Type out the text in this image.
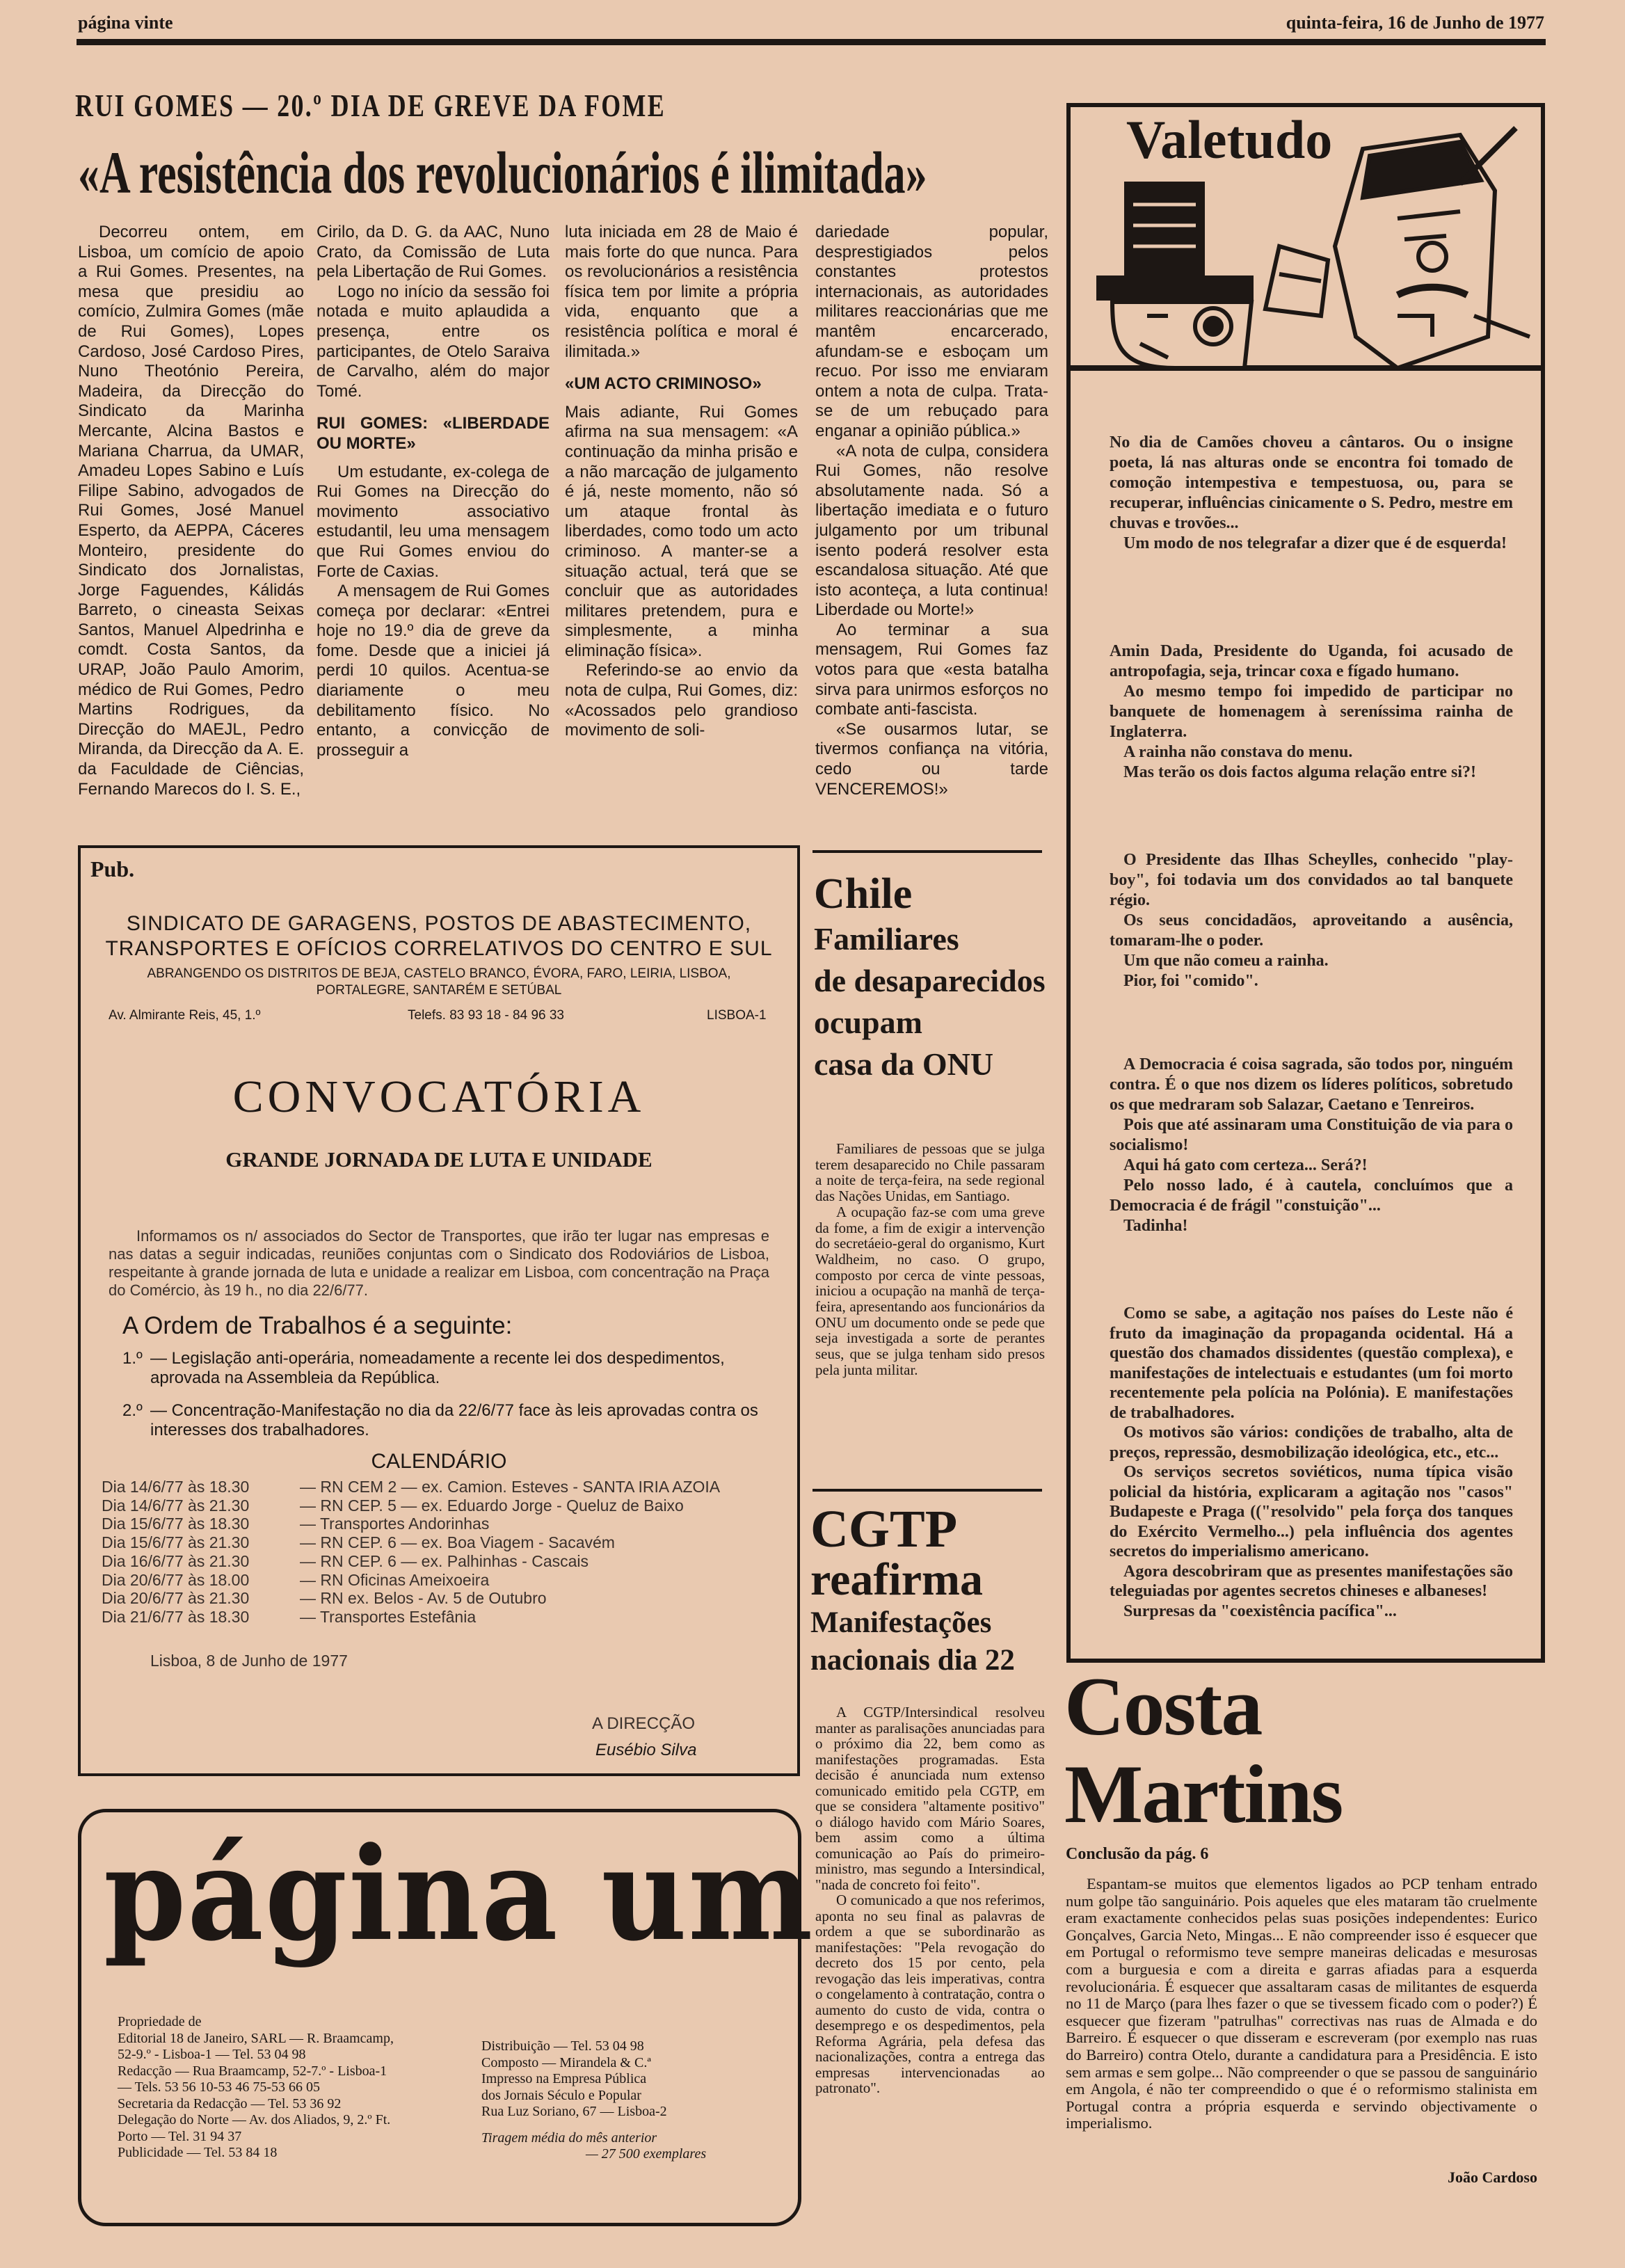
página vinte	quinta-feira, 16 de Junho de 1977
RUI GOMES — 20.º DIA DE GREVE DA FOME
«A resistência dos revolucionários é ilimitada»

Decorreu ontem, em Lisboa, um comício de apoio a Rui Gomes. Presentes, na mesa que presidiu ao comício, Zulmira Gomes (mãe de Rui Gomes), Lopes Cardoso, José Cardoso Pires, Nuno Theotónio Pereira, Madeira, da Direcção do Sindicato da Marinha Mercante, Alcina Bastos e Mariana Charrua, da UMAR, Amadeu Lopes Sabino e Luís Filipe Sabino, advogados de Rui Gomes, José Manuel Esperto, da AEPPA, Cáceres Monteiro, presidente do Sindicato dos Jornalistas, Jorge Faguendes, Kálidás Barreto, o cineasta Seixas Santos, Manuel Alpedrinha e comdt. Costa Santos, da URAP, João Paulo Amorim, médico de Rui Gomes, Pedro Martins Rodrigues, da Direcção do MAEJL, Pedro Miranda, da Direcção da A. E. da Faculdade de Ciências, Fernando Marecos do I. S. E.,

Cirilo, da D. G. da AAC, Nuno Crato, da Comissão de Luta pela Libertação de Rui Gomes.

Logo no início da sessão foi notada e muito aplaudida a presença, entre os participantes, de Otelo Saraiva de Carvalho, além do major Tomé.

RUI GOMES: «LIBERDADE OU MORTE»

Um estudante, ex-colega de Rui Gomes na Direcção do movimento associativo estudantil, leu uma mensagem que Rui Gomes enviou do Forte de Caxias.

A mensagem de Rui Gomes começa por declarar: «Entrei hoje no 19.º dia de greve da fome. Desde que a iniciei já perdi 10 quilos. Acentua-se diariamente o meu debilitamento físico. No entanto, a convicção de prosseguir a

luta iniciada em 28 de Maio é mais forte do que nunca. Para os revolucionários a resistência física tem por limite a própria vida, enquanto que a resistência política e moral é ilimitada.»

«UM ACTO CRIMINOSO»

Mais adiante, Rui Gomes afirma na sua mensagem: «A continuação da minha prisão e a não marcação de julgamento é já, neste momento, não só um ataque frontal às liberdades, como todo um acto criminoso. A manter-se a situação actual, terá que se concluir que as autoridades militares pretendem, pura e simplesmente, a minha eliminação física».

Referindo-se ao envio da nota de culpa, Rui Gomes, diz: «Acossados pelo grandioso movimento de soli-

dariedade popular, desprestigiados pelos constantes protestos internacionais, as autoridades militares reaccionárias que me mantêm encarcerado, afundam-se e esboçam um recuo. Por isso me enviaram ontem a nota de culpa. Trata-se de um rebuçado para enganar a opinião pública.»

«A nota de culpa, considera Rui Gomes, não resolve absolutamente nada. Só a libertação imediata e o futuro julgamento por um tribunal isento poderá resolver esta escandalosa situação. Até que isto aconteça, a luta continua! Liberdade ou Morte!»

Ao terminar a sua mensagem, Rui Gomes faz votos para que «esta batalha sirva para unirmos esforços no combate anti-fascista.

«Se ousarmos lutar, se tivermos confiança na vitória, cedo ou tarde VENCEREMOS!»

Pub.
SINDICATO DE GARAGENS, POSTOS DE ABASTECIMENTO,
TRANSPORTES E OFÍCIOS CORRELATIVOS DO CENTRO E SUL
ABRANGENDO OS DISTRITOS DE BEJA, CASTELO BRANCO, ÉVORA, FARO, LEIRIA, LISBOA,
PORTALEGRE, SANTARÉM E SETÚBAL
Av. Almirante Reis, 45, 1.º	Telefs. 83 93 18 - 84 96 33	LISBOA-1
CONVOCATÓRIA
GRANDE JORNADA DE LUTA E UNIDADE
Informamos os n/ associados do Sector de Transportes, que irão ter lugar nas empresas e nas datas a seguir indicadas, reuniões conjuntas com o Sindicato dos Rodoviários de Lisboa, respeitante à grande jornada de luta e unidade a realizar em Lisboa, com concentração na Praça do Comércio, às 19 h., no dia 22/6/77.
A Ordem de Trabalhos é a seguinte:
1.º — Legislação anti-operária, nomeadamente a recente lei dos despedimentos, aprovada na Assembleia da República.
2.º — Concentração-Manifestação no dia da 22/6/77 face às leis aprovadas contra os interesses dos trabalhadores.
CALENDÁRIO
Dia 14/6/77 às 18.30	— RN CEM 2 — ex. Camion. Esteves - SANTA IRIA AZOIA
Dia 14/6/77 às 21.30	— RN CEP. 5 — ex. Eduardo Jorge - Queluz de Baixo
Dia 15/6/77 às 18.30	— Transportes Andorinhas
Dia 15/6/77 às 21.30	— RN CEP. 6 — ex. Boa Viagem - Sacavém
Dia 16/6/77 às 21.30	— RN CEP. 6 — ex. Palhinhas - Cascais
Dia 20/6/77 às 18.00	— RN Oficinas Ameixoeira
Dia 20/6/77 às 21.30	— RN ex. Belos - Av. 5 de Outubro
Dia 21/6/77 às 18.30	— Transportes Estefânia
Lisboa, 8 de Junho de 1977
A DIRECÇÃO
Eusébio Silva
página um
Propriedade de
Editorial 18 de Janeiro, SARL — R. Braamcamp,
52-9.º - Lisboa-1 — Tel. 53 04 98
Redacção — Rua Braamcamp, 52-7.º - Lisboa-1
— Tels. 53 56 10-53 46 75-53 66 05
Secretaria da Redacção — Tel. 53 36 92
Delegação do Norte — Av. dos Aliados, 9, 2.º Ft.
Porto — Tel. 31 94 37
Publicidade — Tel. 53 84 18
Distribuição — Tel. 53 04 98
Composto — Mirandela & C.ª
Impresso na Empresa Pública
dos Jornais Século e Popular
Rua Luz Soriano, 67 — Lisboa-2
Tiragem média do mês anterior
— 27 500 exemplares
Chile
Familiares
de desaparecidos
ocupam
casa da ONU

Familiares de pessoas que se julga terem desaparecido no Chile passaram a noite de terça-feira, na sede regional das Nações Unidas, em Santiago.

A ocupação faz-se com uma greve da fome, a fim de exigir a intervenção do secretáeio-geral do organismo, Kurt Waldheim, no caso. O grupo, composto por cerca de vinte pessoas, iniciou a ocupação na manhã de terça-feira, apresentando aos funcionários da ONU um documento onde se pede que seja investigada a sorte de perantes seus, que se julga tenham sido presos pela junta militar.

CGTP
reafirma
Manifestações
nacionais dia 22

A CGTP/Intersindical resolveu manter as paralisações anunciadas para o próximo dia 22, bem como as manifestações programadas. Esta decisão é anunciada num extenso comunicado emitido pela CGTP, em que se considera "altamente positivo" o diálogo havido com Mário Soares, bem assim como a última comunicação ao País do primeiro-ministro, mas segundo a Intersindical, "nada de concreto foi feito".

O comunicado a que nos referimos, aponta no seu final as palavras de ordem a que se subordinarão as manifestações: "Pela revogação do decreto dos 15 por cento, pela revogação das leis imperativas, contra o congelamento à contratação, contra o aumento do custo de vida, contra o desemprego e os despedimentos, pela Reforma Agrária, pela defesa das nacionalizações, contra a entrega das empresas intervencionadas ao patronato".

Valetudo

No dia de Camões choveu a cântaros. Ou o insigne poeta, lá nas alturas onde se encontra foi tomado de comoção intempestiva e tempestuosa, ou, para se recuperar, influências cinicamente o S. Pedro, mestre em chuvas e trovões...

Um modo de nos telegrafar a dizer que é de esquerda!

Amin Dada, Presidente do Uganda, foi acusado de antropofagia, seja, trincar coxa e fígado humano.

Ao mesmo tempo foi impedido de participar no banquete de homenagem à sereníssima rainha de Inglaterra.

A rainha não constava do menu.

Mas terão os dois factos alguma relação entre si?!

O Presidente das Ilhas Scheylles, conhecido "play-boy", foi todavia um dos convidados ao tal banquete régio.

Os seus concidadãos, aproveitando a ausência, tomaram-lhe o poder.

Um que não comeu a rainha.

Pior, foi "comido".

A Democracia é coisa sagrada, são todos por, ninguém contra. É o que nos dizem os líderes políticos, sobretudo os que medraram sob Salazar, Caetano e Tenreiros.

Pois que até assinaram uma Constituição de via para o socialismo!

Aqui há gato com certeza... Será?!

Pelo nosso lado, é à cautela, concluímos que a Democracia é de frágil "constuição"...

Tadinha!

Como se sabe, a agitação nos países do Leste não é fruto da imaginação da propaganda ocidental. Há a questão dos chamados dissidentes (questão complexa), e manifestações de intelectuais e estudantes (um foi morto recentemente pela polícia na Polónia). E manifestações de trabalhadores.

Os motivos são vários: condições de trabalho, alta de preços, repressão, desmobilização ideológica, etc., etc...

Os serviços secretos soviéticos, numa típica visão policial da história, explicaram a agitação nos "casos" Budapeste e Praga (("resolvido" pela força dos tanques do Exército Vermelho...) pela influência dos agentes secretos do imperialismo americano.

Agora descobriram que as presentes manifestações são teleguiadas por agentes secretos chineses e albaneses!

Surpresas da "coexistência pacífica"...

Costa
Martins
Conclusão da pág. 6

Espantam-se muitos que elementos ligados ao PCP tenham entrado num golpe tão sanguinário. Pois aqueles que eles mataram tão cruelmente eram exactamente conhecidos pelas suas posições independentes: Eurico Gonçalves, Garcia Neto, Mingas... E não compreender isso é esquecer que em Portugal o reformismo teve sempre maneiras delicadas e mesurosas com a burguesia e com a direita e garras afiadas para a esquerda revolucionária. É esquecer que assaltaram casas de militantes de esquerda no 11 de Março (para lhes fazer o que se tivessem ficado com o poder?) É esquecer que fizeram "patrulhas" correctivas nas ruas de Almada e do Barreiro. É esquecer o que disseram e escreveram (por exemplo nas ruas do Barreiro) contra Otelo, durante a candidatura para a Presidência. E isto sem armas e sem golpe... Não compreender o que se passou de sanguinário em Angola, é não ter compreendido o que é o reformismo stalinista em Portugal contra a própria esquerda e servindo objectivamente o imperialismo.

João Cardoso
